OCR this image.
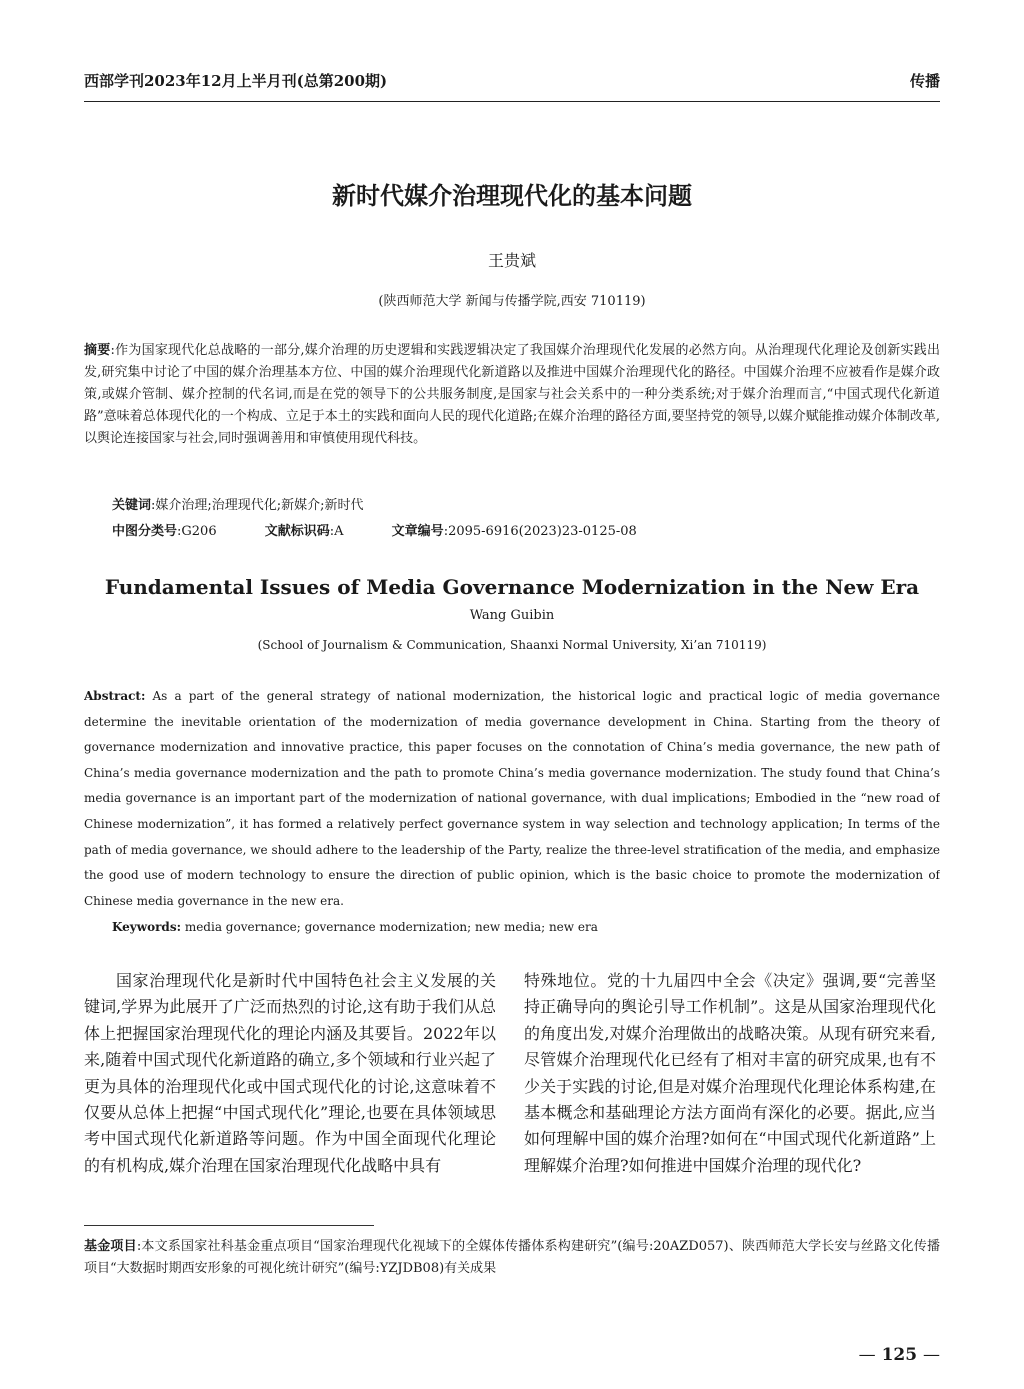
西部学刊2023年12月上半月刊(总第200期)	传播
新时代媒介治理现代化的基本问题
王贵斌
(陕西师范大学 新闻与传播学院,西安 710119)
摘要:作为国家现代化总战略的一部分,媒介治理的历史逻辑和实践逻辑决定了我国媒介治理现代化发展的必然方向。从治理现代化理论及创新实践出发,研究集中讨论了中国的媒介治理基本方位、中国的媒介治理现代化新道路以及推进中国媒介治理现代化的路径。中国媒介治理不应被看作是媒介政策,或媒介管制、媒介控制的代名词,而是在党的领导下的公共服务制度,是国家与社会关系中的一种分类系统;对于媒介治理而言,“中国式现代化新道路”意味着总体现代化的一个构成、立足于本土的实践和面向人民的现代化道路;在媒介治理的路径方面,要坚持党的领导,以媒介赋能推动媒介体制改革,以舆论连接国家与社会,同时强调善用和审慎使用现代科技。
关键词:媒介治理;治理现代化;新媒介;新时代
中图分类号:G206	文献标识码:A	文章编号:2095-6916(2023)23-0125-08
Fundamental Issues of Media Governance Modernization in the New Era
Wang Guibin
(School of Journalism & Communication, Shaanxi Normal University, Xi’an 710119)
Abstract: As a part of the general strategy of national modernization, the historical logic and practical logic of media governance determine the inevitable orientation of the modernization of media governance development in China. Starting from the theory of governance modernization and innovative practice, this paper focuses on the connotation of China’s media governance, the new path of China’s media governance modernization and the path to promote China’s media governance modernization. The study found that China’s media governance is an important part of the modernization of national governance, with dual implications; Embodied in the “new road of Chinese modernization”, it has formed a relatively perfect governance system in way selection and technology application; In terms of the path of media governance, we should adhere to the leadership of the Party, realize the three-level stratification of the media, and emphasize the good use of modern technology to ensure the direction of public opinion, which is the basic choice to promote the modernization of Chinese media governance in the new era.
Keywords: media governance; governance modernization; new media; new era

国家治理现代化是新时代中国特色社会主义发展的关键词,学界为此展开了广泛而热烈的讨论,这有助于我们从总体上把握国家治理现代化的理论内涵及其要旨。2022年以来,随着中国式现代化新道路的确立,多个领域和行业兴起了更为具体的治理现代化或中国式现代化的讨论,这意味着不仅要从总体上把握“中国式现代化”理论,也要在具体领域思考中国式现代化新道路等问题。作为中国全面现代化理论的有机构成,媒介治理在国家治理现代化战略中具有

特殊地位。党的十九届四中全会《决定》强调,要“完善坚持正确导向的舆论引导工作机制”。这是从国家治理现代化的角度出发,对媒介治理做出的战略决策。从现有研究来看,尽管媒介治理现代化已经有了相对丰富的研究成果,也有不少关于实践的讨论,但是对媒介治理现代化理论体系构建,在基本概念和基础理论方法方面尚有深化的必要。据此,应当如何理解中国的媒介治理?如何在“中国式现代化新道路”上理解媒介治理?如何推进中国媒介治理的现代化?

基金项目:本文系国家社科基金重点项目“国家治理现代化视域下的全媒体传播体系构建研究”(编号:20AZD057)、陕西师范大学长安与丝路文化传播项目“大数据时期西安形象的可视化统计研究”(编号:YZJDB08)有关成果
— 125 —
